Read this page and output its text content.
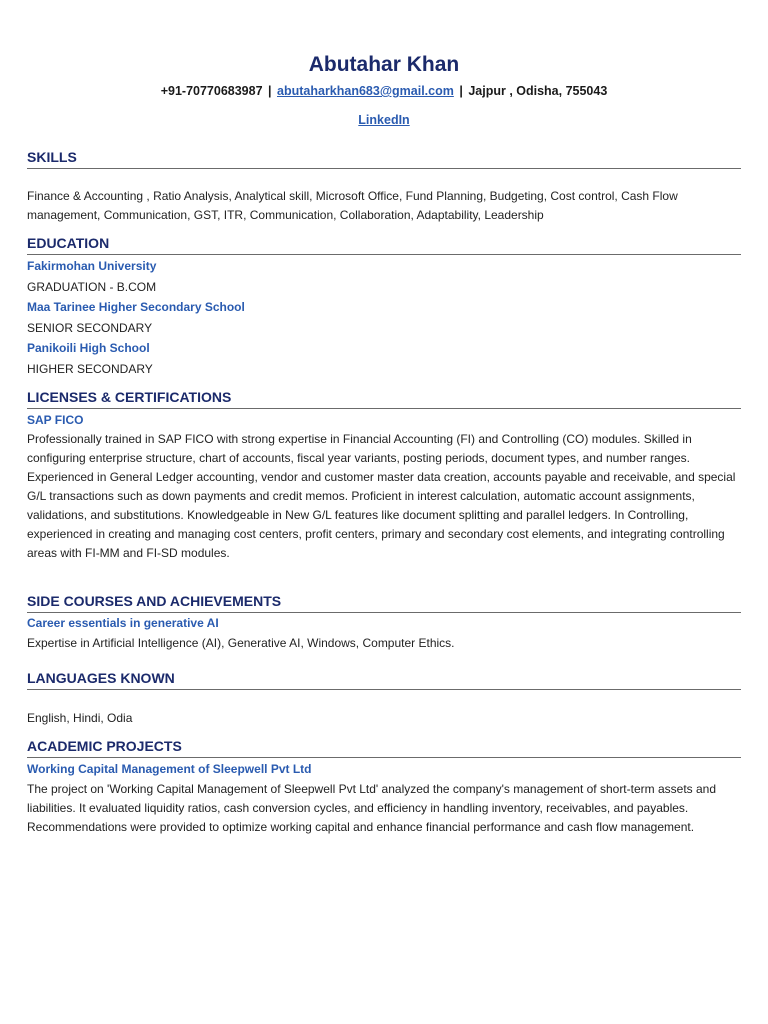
Abutahar Khan
+91-70770683987 | abutaharkhan683@gmail.com | Jajpur , Odisha, 755043
LinkedIn
SKILLS

Finance & Accounting , Ratio Analysis, Analytical skill, Microsoft Office, Fund Planning, Budgeting, Cost control, Cash Flow management, Communication, GST, ITR, Communication, Collaboration, Adaptability, Leadership

EDUCATION

Fakirmohan University

GRADUATION - B.COM

Maa Tarinee Higher Secondary School

SENIOR SECONDARY

Panikoili High School

HIGHER SECONDARY

LICENSES & CERTIFICATIONS

SAP FICO

Professionally trained in SAP FICO with strong expertise in Financial Accounting (FI) and Controlling (CO) modules. Skilled in configuring enterprise structure, chart of accounts, fiscal year variants, posting periods, document types, and number ranges. Experienced in General Ledger accounting, vendor and customer master data creation, accounts payable and receivable, and special G/L transactions such as down payments and credit memos. Proficient in interest calculation, automatic account assignments, validations, and substitutions. Knowledgeable in New G/L features like document splitting and parallel ledgers. In Controlling, experienced in creating and managing cost centers, profit centers, primary and secondary cost elements, and integrating controlling areas with FI-MM and FI-SD modules.

SIDE COURSES AND ACHIEVEMENTS

Career essentials in generative AI

Expertise in Artificial Intelligence (AI), Generative AI, Windows, Computer Ethics.

LANGUAGES KNOWN

English, Hindi, Odia

ACADEMIC PROJECTS

Working Capital Management of Sleepwell Pvt Ltd

The project on 'Working Capital Management of Sleepwell Pvt Ltd' analyzed the company's management of short-term assets and liabilities. It evaluated liquidity ratios, cash conversion cycles, and efficiency in handling inventory, receivables, and payables. Recommendations were provided to optimize working capital and enhance financial performance and cash flow management.
